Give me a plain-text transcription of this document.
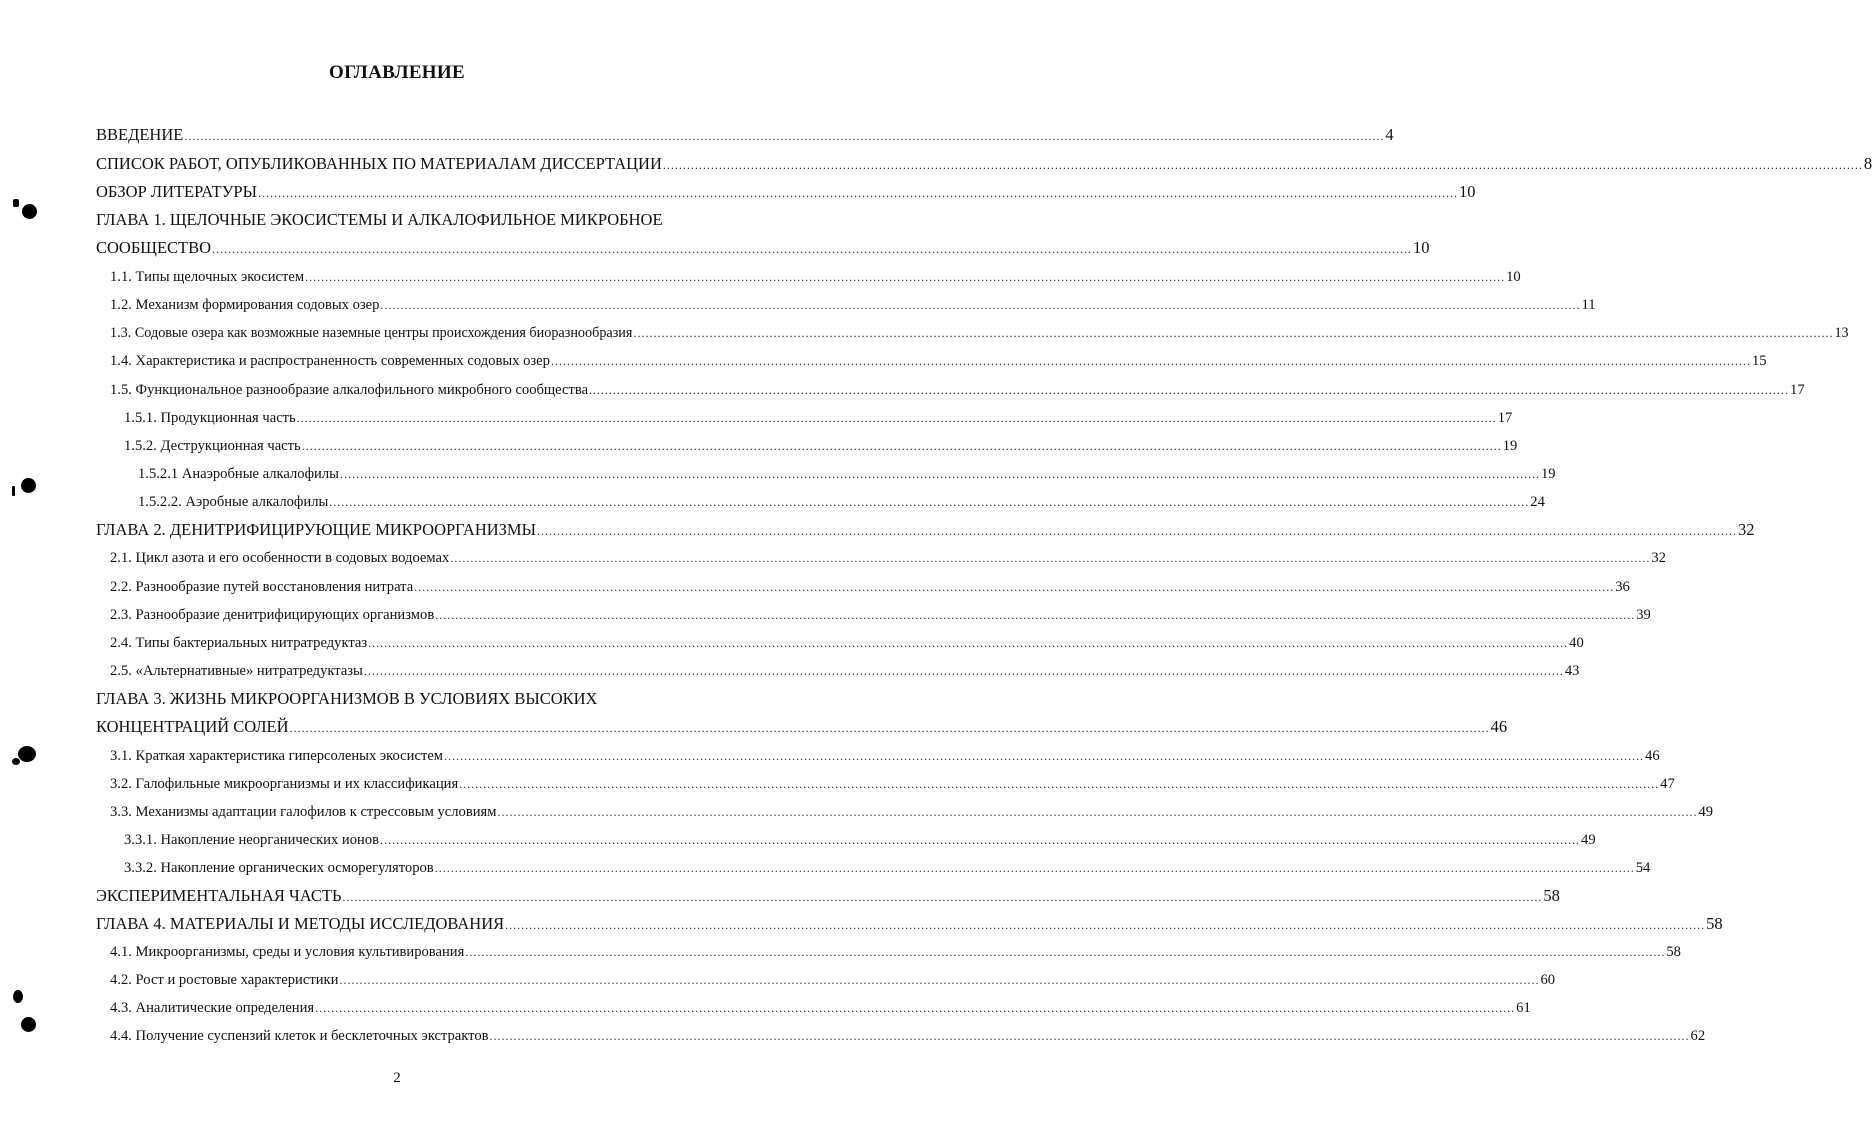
ОГЛАВЛЕНИЕ
ВВЕДЕНИЕ ............................................................................................................................................................................................................................................................................................................ 4
СПИСОК РАБОТ, ОПУБЛИКОВАННЫХ ПО МАТЕРИАЛАМ ДИССЕРТАЦИИ ............................................................................................................................................................................................................................................................................................................ 8
ОБЗОР ЛИТЕРАТУРЫ ............................................................................................................................................................................................................................................................................................................ 10
ГЛАВА 1. ЩЕЛОЧНЫЕ ЭКОСИСТЕМЫ И АЛКАЛОФИЛЬНОЕ МИКРОБНОЕ
СООБЩЕСТВО ............................................................................................................................................................................................................................................................................................................ 10
1.1. Типы щелочных экосистем ............................................................................................................................................................................................................................................................................................................ 10
1.2. Механизм формирования содовых озер ............................................................................................................................................................................................................................................................................................................ 11
1.3. Содовые озера как возможные наземные центры происхождения биоразнообразия ............................................................................................................................................................................................................................................................................................................ 13
1.4. Характеристика и распространенность современных содовых озер ............................................................................................................................................................................................................................................................................................................ 15
1.5. Функциональное разнообразие алкалофильного микробного сообщества ............................................................................................................................................................................................................................................................................................................ 17
1.5.1. Продукционная часть ............................................................................................................................................................................................................................................................................................................ 17
1.5.2. Деструкционная часть ............................................................................................................................................................................................................................................................................................................ 19
1.5.2.1 Анаэробные алкалофилы ............................................................................................................................................................................................................................................................................................................ 19
1.5.2.2. Аэробные алкалофилы ............................................................................................................................................................................................................................................................................................................ 24
ГЛАВА 2. ДЕНИТРИФИЦИРУЮЩИЕ МИКРООРГАНИЗМЫ ............................................................................................................................................................................................................................................................................................................ 32
2.1. Цикл азота и его особенности в содовых водоемах ............................................................................................................................................................................................................................................................................................................ 32
2.2. Разнообразие путей восстановления нитрата ............................................................................................................................................................................................................................................................................................................ 36
2.3. Разнообразие денитрифицирующих организмов ............................................................................................................................................................................................................................................................................................................ 39
2.4. Типы бактериальных нитратредуктаз ............................................................................................................................................................................................................................................................................................................ 40
2.5. «Альтернативные» нитратредуктазы ............................................................................................................................................................................................................................................................................................................ 43
ГЛАВА 3. ЖИЗНЬ МИКРООРГАНИЗМОВ В УСЛОВИЯХ ВЫСОКИХ
КОНЦЕНТРАЦИЙ СОЛЕЙ ............................................................................................................................................................................................................................................................................................................ 46
3.1. Краткая характеристика гиперсоленых экосистем ............................................................................................................................................................................................................................................................................................................ 46
3.2. Галофильные микроорганизмы и их классификация ............................................................................................................................................................................................................................................................................................................ 47
3.3. Механизмы адаптации галофилов к стрессовым условиям ............................................................................................................................................................................................................................................................................................................ 49
3.3.1. Накопление неорганических ионов ............................................................................................................................................................................................................................................................................................................ 49
3.3.2. Накопление органических осморегуляторов ............................................................................................................................................................................................................................................................................................................ 54
ЭКСПЕРИМЕНТАЛЬНАЯ ЧАСТЬ ............................................................................................................................................................................................................................................................................................................ 58
ГЛАВА 4. МАТЕРИАЛЫ И МЕТОДЫ ИССЛЕДОВАНИЯ ............................................................................................................................................................................................................................................................................................................ 58
4.1. Микроорганизмы, среды и условия культивирования ............................................................................................................................................................................................................................................................................................................ 58
4.2. Рост и ростовые характеристики ............................................................................................................................................................................................................................................................................................................ 60
4.3. Аналитические определения ............................................................................................................................................................................................................................................................................................................ 61
4.4. Получение суспензий клеток и бесклеточных экстрактов ............................................................................................................................................................................................................................................................................................................ 62
2
